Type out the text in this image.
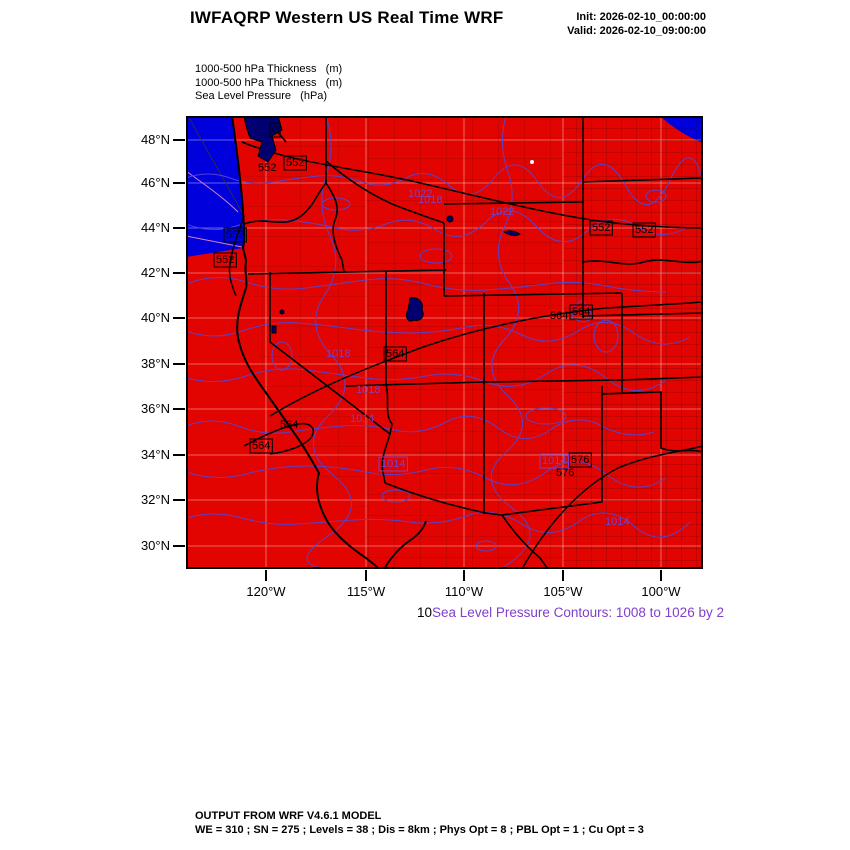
IWFAQRP Western US Real Time WRF	Init: 2026-02-10_00:00:00
Valid: 2026-02-10_09:00:00
1000-500 hPa Thickness   (m)
1000-500 hPa Thickness   (m)
Sea Level Pressure   (hPa)
0
552
552
552
552
552 552
564 564
564
564
564
576
576
1022
1018
1022
1018
1018
1014
1014	1014
1014
48°N
46°N
44°N
42°N
40°N
38°N
36°N
34°N
32°N
30°N
120°W	115°W	110°W	105°W	100°W
10Sea Level Pressure Contours: 1008 to 1026 by 2
OUTPUT FROM WRF V4.6.1 MODEL
WE = 310 ; SN = 275 ; Levels = 38 ; Dis = 8km ; Phys Opt = 8 ; PBL Opt = 1 ; Cu Opt = 3
